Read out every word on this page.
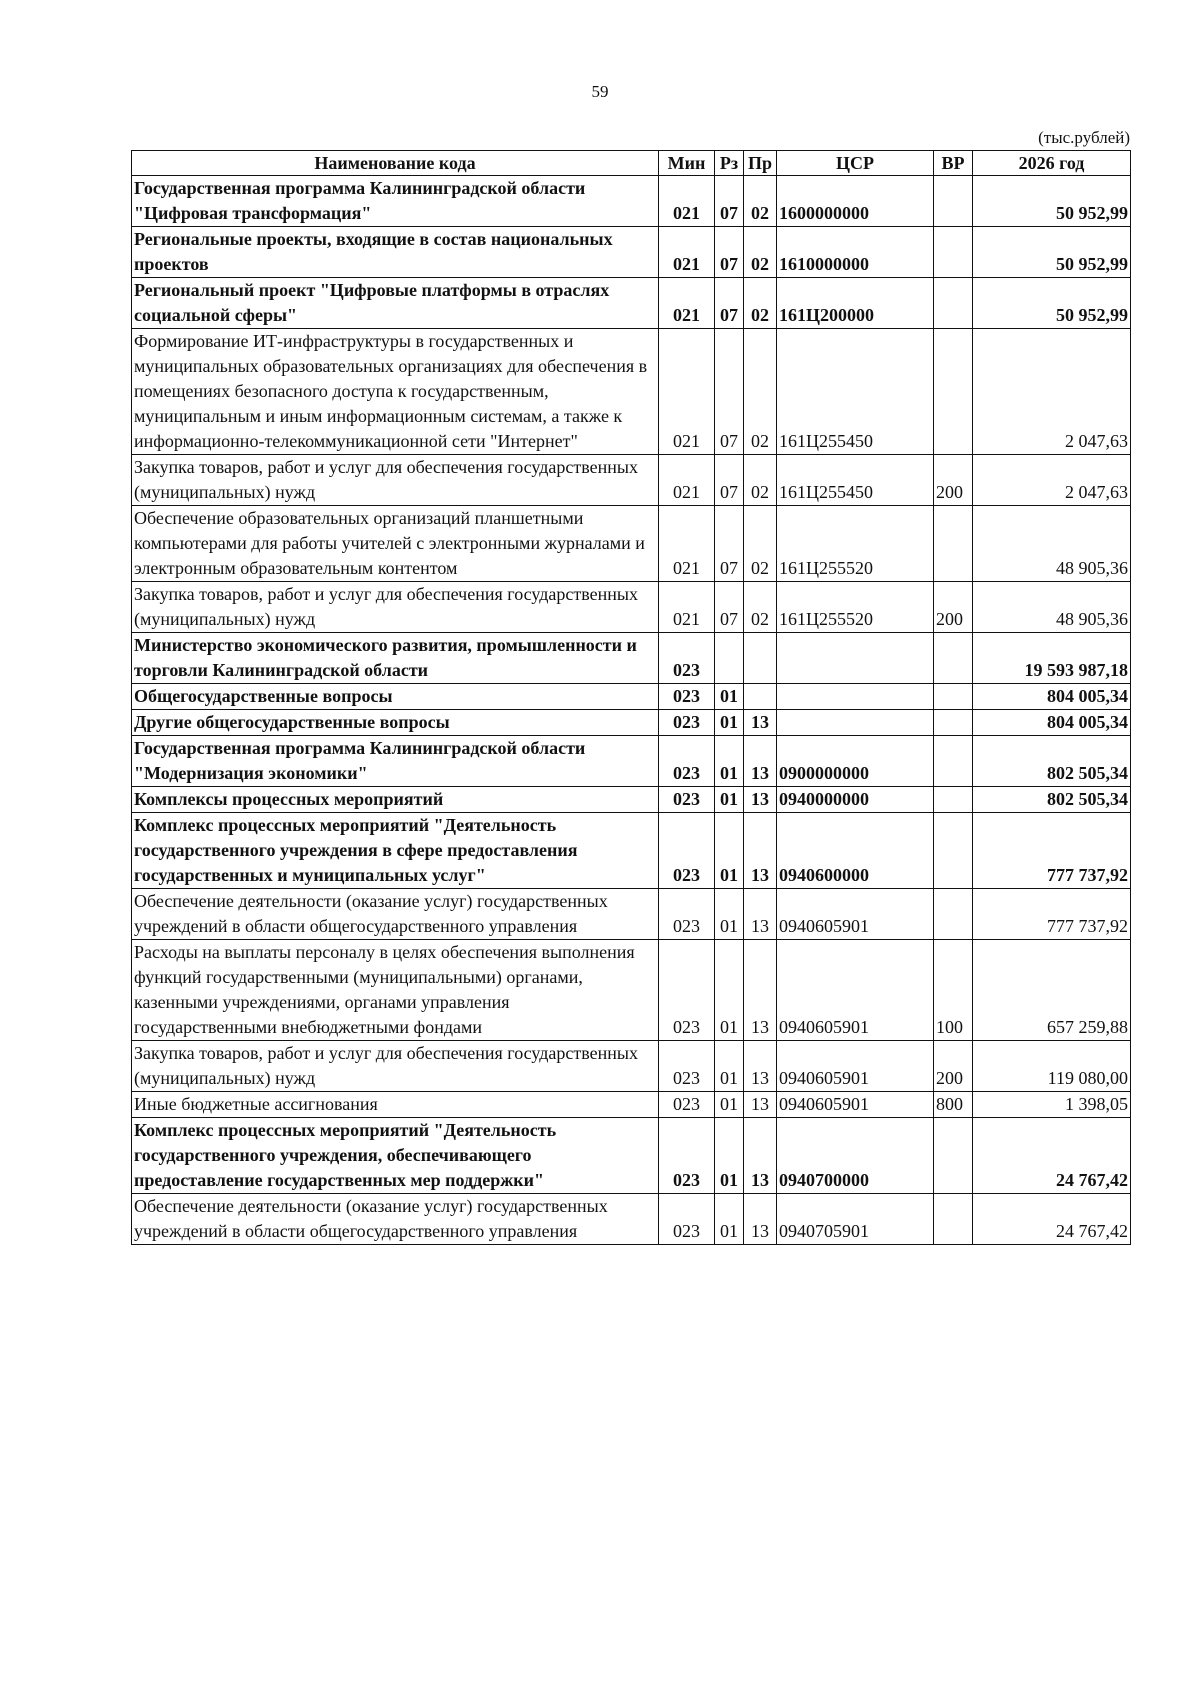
59
(тыс.рублей)
Наименование кода	Мин	Рз	Пр	ЦСР	ВР	2026 год
Государственная программа Калининградской области "Цифровая трансформация"	021	07	02	1600000000		50 952,99
Региональные проекты, входящие в состав национальных проектов	021	07	02	1610000000		50 952,99
Региональный проект "Цифровые платформы в отраслях социальной сферы"	021	07	02	161Ц200000		50 952,99
Формирование ИТ-инфраструктуры в государственных и муниципальных образовательных организациях для обеспечения в помещениях безопасного доступа к государственным, муниципальным и иным информационным системам, а также к информационно-телекоммуникационной сети "Интернет"	021	07	02	161Ц255450		2 047,63
Закупка товаров, работ и услуг для обеспечения государственных (муниципальных) нужд	021	07	02	161Ц255450	200	2 047,63
Обеспечение образовательных организаций планшетными компьютерами для работы учителей с электронными журналами и электронным образовательным контентом	021	07	02	161Ц255520		48 905,36
Закупка товаров, работ и услуг для обеспечения государственных (муниципальных) нужд	021	07	02	161Ц255520	200	48 905,36
Министерство экономического развития, промышленности и торговли Калининградской области	023					19 593 987,18
Общегосударственные вопросы	023	01				804 005,34
Другие общегосударственные вопросы	023	01	13			804 005,34
Государственная программа Калининградской области "Модернизация экономики"	023	01	13	0900000000		802 505,34
Комплексы процессных мероприятий	023	01	13	0940000000		802 505,34
Комплекс процессных мероприятий "Деятельность государственного учреждения в сфере предоставления государственных и муниципальных услуг"	023	01	13	0940600000		777 737,92
Обеспечение деятельности (оказание услуг) государственных учреждений в области общегосударственного управления	023	01	13	0940605901		777 737,92
Расходы на выплаты персоналу в целях обеспечения выполнения функций государственными (муниципальными) органами, казенными учреждениями, органами управления государственными внебюджетными фондами	023	01	13	0940605901	100	657 259,88
Закупка товаров, работ и услуг для обеспечения государственных (муниципальных) нужд	023	01	13	0940605901	200	119 080,00
Иные бюджетные ассигнования	023	01	13	0940605901	800	1 398,05
Комплекс процессных мероприятий "Деятельность государственного учреждения, обеспечивающего предоставление государственных мер поддержки"	023	01	13	0940700000		24 767,42
Обеспечение деятельности (оказание услуг) государственных учреждений в области общегосударственного управления	023	01	13	0940705901		24 767,42
